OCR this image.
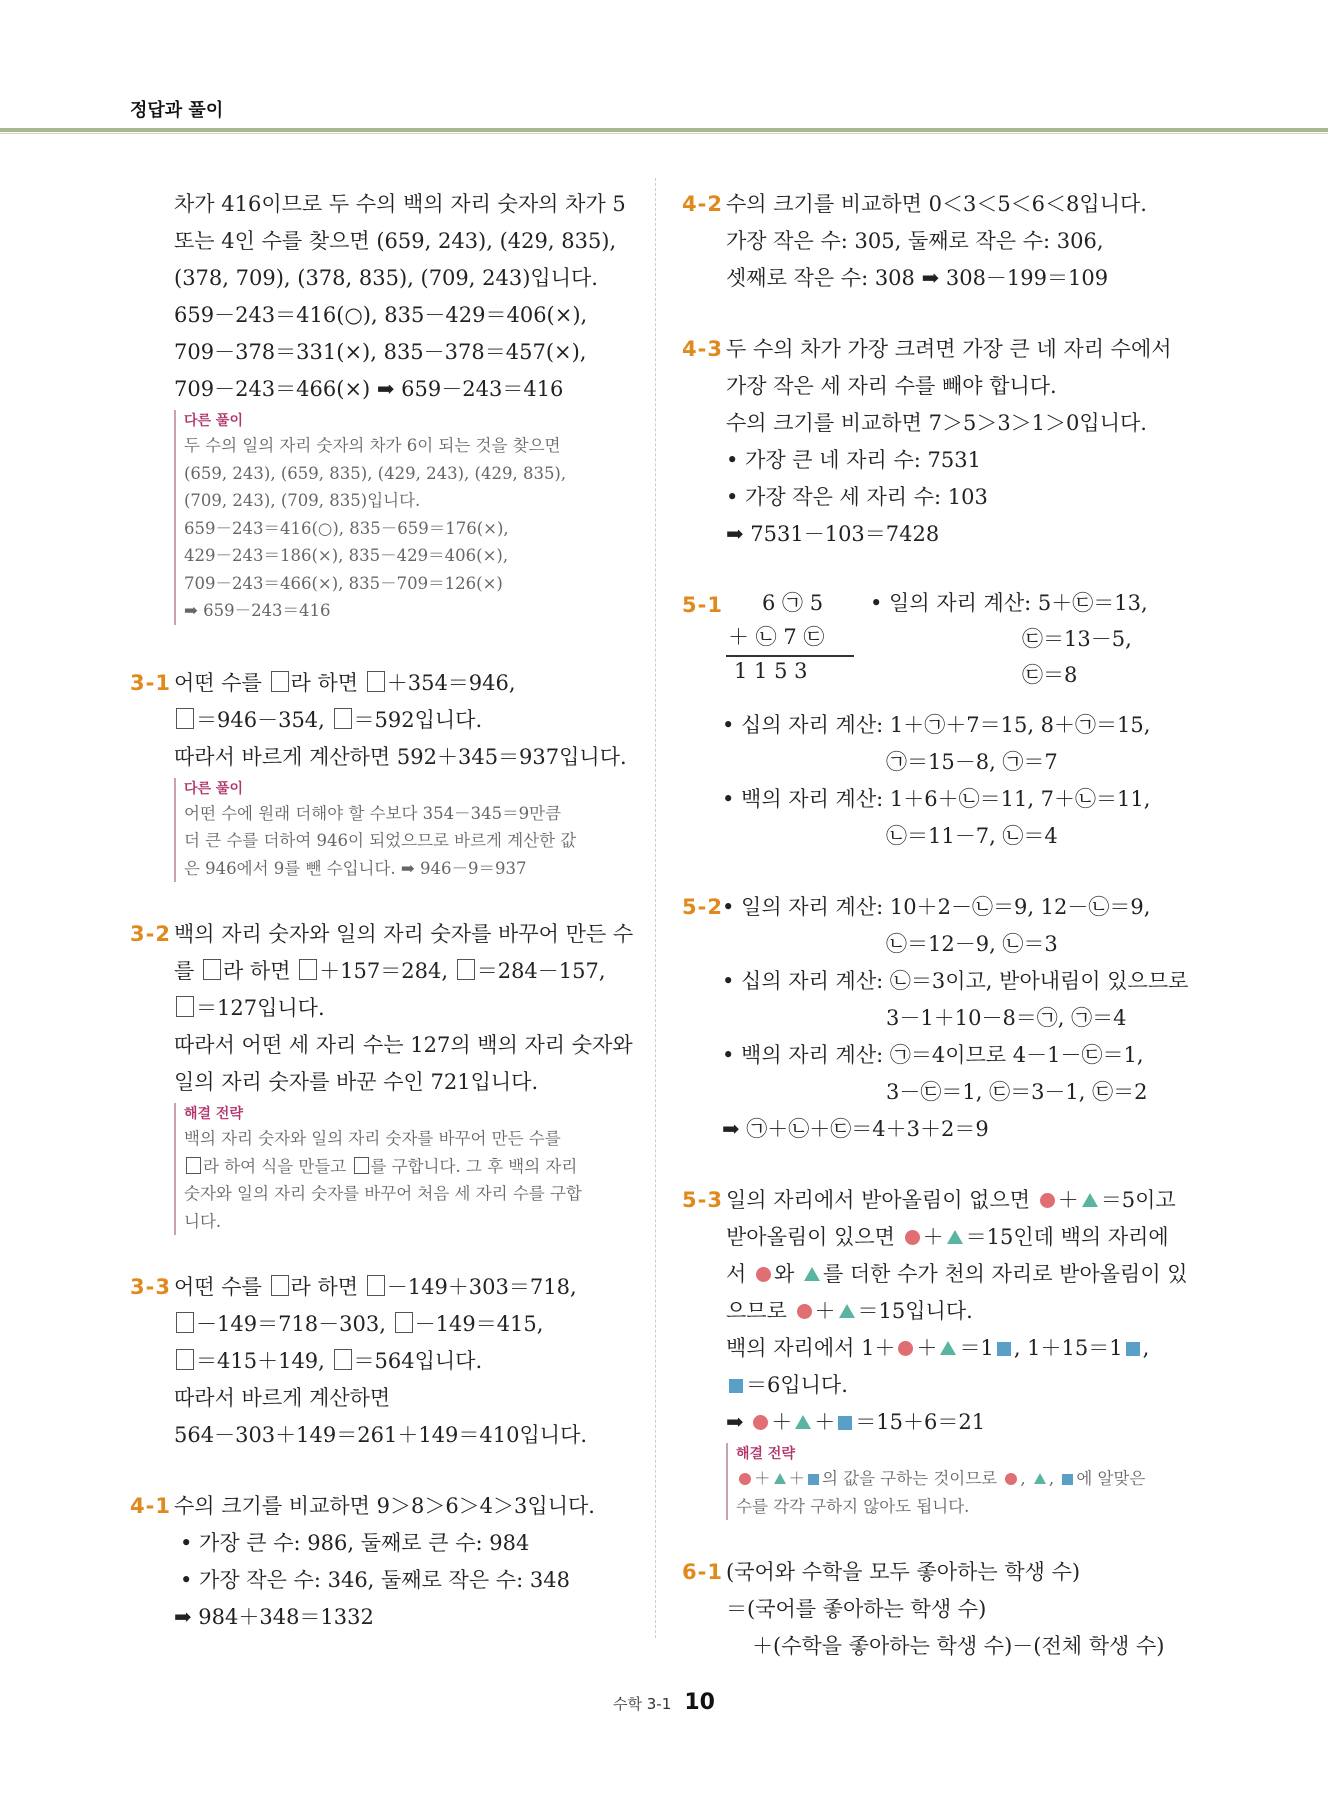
정답과 풀이
차가 416이므로 두 수의 백의 자리 숫자의 차가 5
또는 4인 수를 찾으면 (659, 243), (429, 835),
(378, 709), (378, 835), (709, 243)입니다.
659－243＝416(○), 835－429＝406(×),
709－378＝331(×), 835－378＝457(×),
709－243＝466(×) ➡ 659－243＝416
다른 풀이
두 수의 일의 자리 숫자의 차가 6이 되는 것을 찾으면
(659, 243), (659, 835), (429, 243), (429, 835),
(709, 243), (709, 835)입니다.
659－243＝416(○), 835－659＝176(×),
429－243＝186(×), 835－429＝406(×),
709－243＝466(×), 835－709＝126(×)
➡ 659－243＝416
3-1 어떤 수를 라 하면 ＋354＝946,
＝946－354, ＝592입니다.
따라서 바르게 계산하면 592＋345＝937입니다.
다른 풀이
어떤 수에 원래 더해야 할 수보다 354－345＝9만큼
더 큰 수를 더하여 946이 되었으므로 바르게 계산한 값
은 946에서 9를 뺀 수입니다. ➡ 946－9＝937
3-2 백의 자리 숫자와 일의 자리 숫자를 바꾸어 만든 수
를 라 하면 ＋157＝284, ＝284－157,
＝127입니다.
따라서 어떤 세 자리 수는 127의 백의 자리 숫자와
일의 자리 숫자를 바꾼 수인 721입니다.
해결 전략
백의 자리 숫자와 일의 자리 숫자를 바꾸어 만든 수를
라 하여 식을 만들고 를 구합니다. 그 후 백의 자리
숫자와 일의 자리 숫자를 바꾸어 처음 세 자리 수를 구합
니다.
3-3 어떤 수를 라 하면 －149＋303＝718,
－149＝718－303, －149＝415,
＝415＋149, ＝564입니다.
따라서 바르게 계산하면
564－303＋149＝261＋149＝410입니다.
4-1 수의 크기를 비교하면 9＞8＞6＞4＞3입니다.
• 가장 큰 수: 986, 둘째로 큰 수: 984
• 가장 작은 수: 346, 둘째로 작은 수: 348
➡ 984＋348＝1332
4-2 수의 크기를 비교하면 0＜3＜5＜6＜8입니다.
가장 작은 수: 305, 둘째로 작은 수: 306,
셋째로 작은 수: 308 ➡ 308－199＝109
4-3 두 수의 차가 가장 크려면 가장 큰 네 자리 수에서
가장 작은 세 자리 수를 빼야 합니다.
수의 크기를 비교하면 7＞5＞3＞1＞0입니다.
• 가장 큰 네 자리 수: 7531
• 가장 작은 세 자리 수: 103
➡ 7531－103＝7428
5-1 6 ㉠ 5
＋ ㉡ 7 ㉢
1 1 5 3
• 일의 자리 계산: 5＋㉢＝13,
㉢＝13－5,
㉢＝8
• 십의 자리 계산: 1＋㉠＋7＝15, 8＋㉠＝15,
㉠＝15－8, ㉠＝7
• 백의 자리 계산: 1＋6＋㉡＝11, 7＋㉡＝11,
㉡＝11－7, ㉡＝4
5-2 • 일의 자리 계산: 10＋2－㉡＝9, 12－㉡＝9,
㉡＝12－9, ㉡＝3
• 십의 자리 계산: ㉡＝3이고, 받아내림이 있으므로
3－1＋10－8＝㉠, ㉠＝4
• 백의 자리 계산: ㉠＝4이므로 4－1－㉢＝1,
3－㉢＝1, ㉢＝3－1, ㉢＝2
➡ ㉠＋㉡＋㉢＝4＋3＋2＝9
5-3 일의 자리에서 받아올림이 없으면 ＋ ＝5이고
받아올림이 있으면 ＋ ＝15인데 백의 자리에
서 와 를 더한 수가 천의 자리로 받아올림이 있
으므로 ＋ ＝15입니다.
백의 자리에서 1＋ ＋ ＝1 , 1＋15＝1 ,
＝6입니다.
➡ ＋ ＋ ＝15＋6＝21
해결 전략
＋ ＋ 의 값을 구하는 것이므로 , , 에 알맞은
수를 각각 구하지 않아도 됩니다.
6-1 (국어와 수학을 모두 좋아하는 학생 수)
＝(국어를 좋아하는 학생 수)
＋(수학을 좋아하는 학생 수)－(전체 학생 수)
수학 3-1 10
